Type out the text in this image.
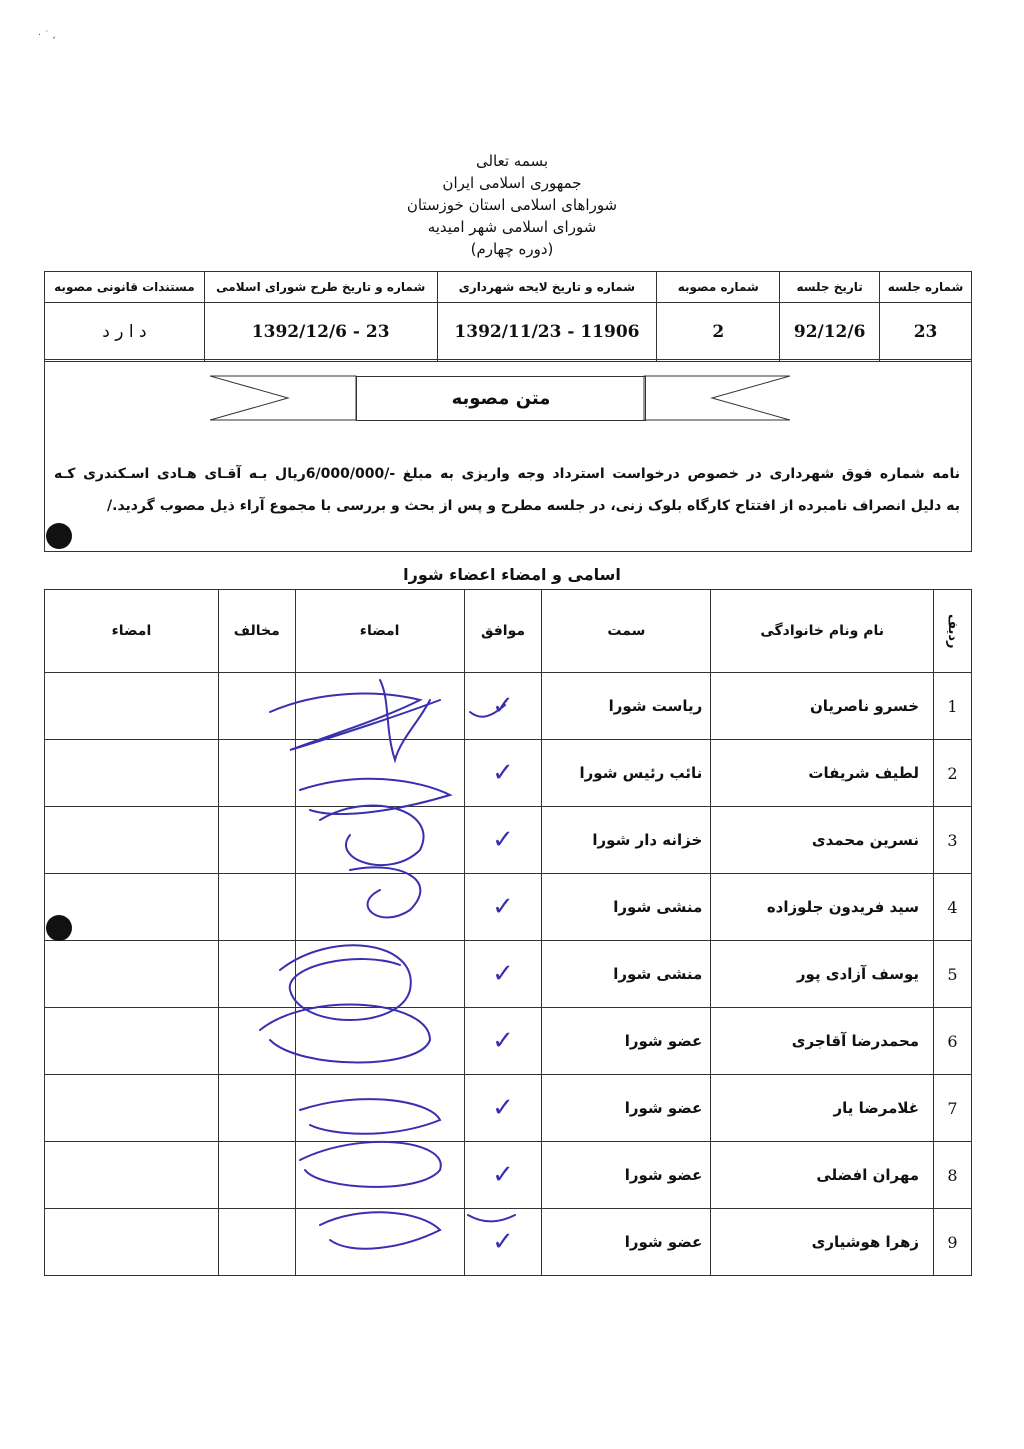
· ˙ ,
بسمه تعالی
جمهوری اسلامی ایران
شوراهای اسلامی استان خوزستان
شورای اسلامی شهر امیدیه
(دوره چهارم)
شماره جلسه	تاریخ جلسه	شماره مصوبه	شماره و تاریخ لایحه شهرداری	شماره و تاریخ طرح شورای اسلامی	مستندات قانونی مصوبه
23	92/12/6	2	1392/11/23 - 11906	1392/12/6 - 23	د ا ر د
متن مصوبه
نامه شماره فوق شهرداری در خصوص درخواست استرداد وجه واریزی به مبلغ -/6/000/000ریال بـه آقـای هـادی اسـکندری کـه
به دلیل انصراف نامبرده از افتتاح کارگاه بلوک زنی، در جلسه مطرح و پس از بحث و بررسی با مجموع آراء ذیل مصوب گردید./
اسامی و امضاء اعضاء شورا
ردیف	نام ونام خانوادگی	سمت	موافق	امضاء	مخالف	امضاء
1	خسرو ناصریان	ریاست شورا	✓			
2	لطیف شریفات	نائب رئیس شورا	✓			
3	نسرین محمدی	خزانه دار شورا	✓			
4	سید فریدون جلوزاده	منشی شورا	✓			
5	یوسف آزادی پور	منشی شورا	✓			
6	محمدرضا آقاجری	عضو شورا	✓			
7	غلامرضا یار	عضو شورا	✓			
8	مهران افضلی	عضو شورا	✓			
9	زهرا هوشیاری	عضو شورا	✓			
